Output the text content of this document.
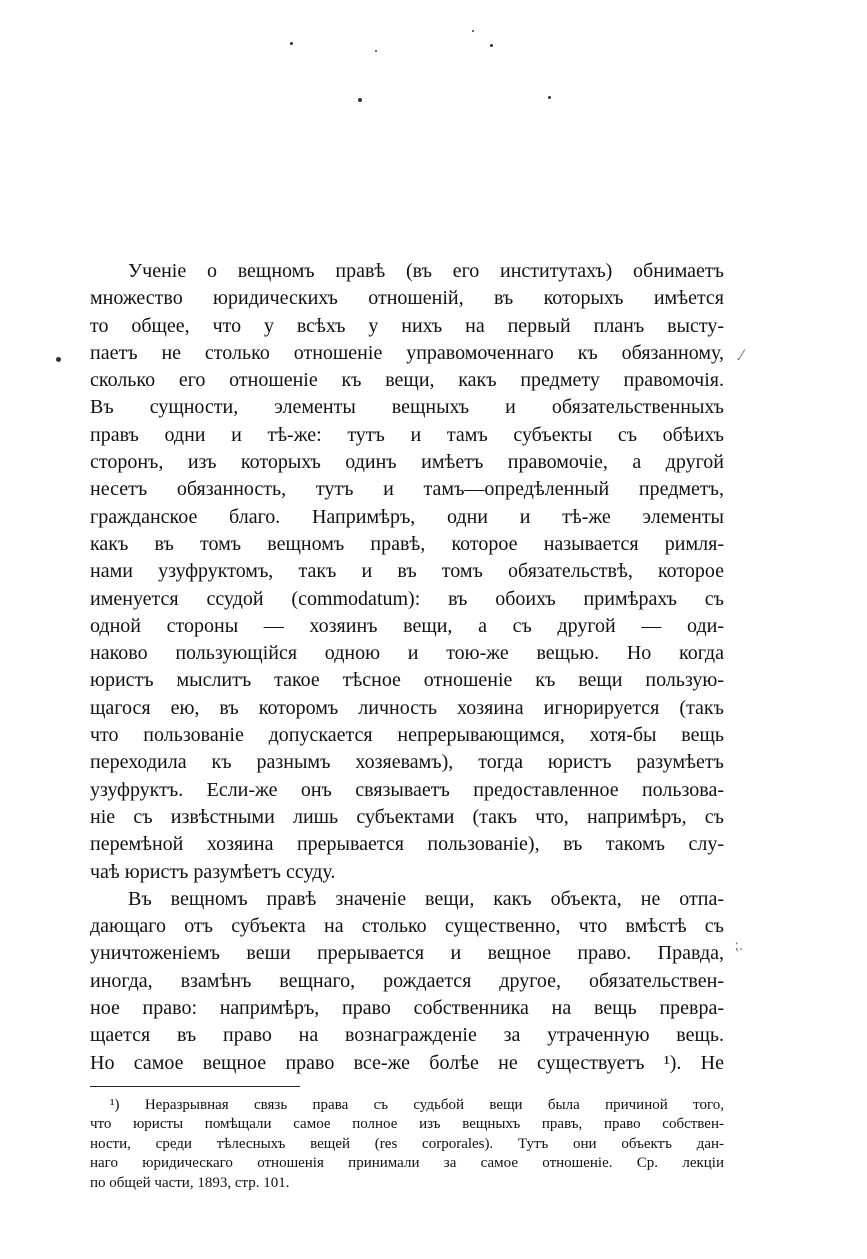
.⁄
⁏.
Ученіе о вещномъ правѣ (въ его институтахъ) обнимаетъ
множество юридическихъ отношеній, въ которыхъ имѣется
то общее, что у всѣхъ у нихъ на первый планъ высту-
паетъ не столько отношеніе управомоченнаго къ обязанному,
сколько его отношеніе къ вещи, какъ предмету правомочія.
Въ сущности, элементы вещныхъ и обязательственныхъ
правъ одни и тѣ-же: тутъ и тамъ субъекты съ обѣихъ
сторонъ, изъ которыхъ одинъ имѣетъ правомочіе, а другой
несетъ обязанность, тутъ и тамъ—опредѣленный предметъ,
гражданское благо. Напримѣръ, одни и тѣ-же элементы
какъ въ томъ вещномъ правѣ, которое называется римля-
нами узуфруктомъ, такъ и въ томъ обязательствѣ, которое
именуется ссудой (commodatum): въ обоихъ примѣрахъ съ
одной стороны — хозяинъ вещи, а съ другой — оди-
наково пользующійся одною и тою-же вещью. Но когда
юристъ мыслитъ такое тѣсное отношеніе къ вещи пользую-
щагося ею, въ которомъ личность хозяина игнорируется (такъ
что пользованіе допускается непрерывающимся, хотя-бы вещь
переходила къ разнымъ хозяевамъ), тогда юристъ разумѣетъ
узуфруктъ. Если-же онъ связываетъ предоставленное пользова-
ніе съ извѣстными лишь субъектами (такъ что, напримѣръ, съ
перемѣной хозяина прерывается пользованіе), въ такомъ слу-
чаѣ юристъ разумѣетъ ссуду.
Въ вещномъ правѣ значеніе вещи, какъ объекта, не отпа-
дающаго отъ субъекта на столько существенно, что вмѣстѣ съ
уничтоженіемъ веши прерывается и вещное право. Правда,
иногда, взамѣнъ вещнаго, рождается другое, обязательствен-
ное право: напримѣръ, право собственника на вещь превра-
щается въ право на вознагражденіе за утраченную вещь.
Но самое вещное право все-же болѣе не существуетъ ¹). Не
¹) Неразрывная связь права съ судьбой вещи была причиной того,
что юристы помѣщали самое полное изъ вещныхъ правъ, право собствен-
ности, среди тѣлесныхъ вещей (res corporales). Тутъ они объектъ дан-
наго юридическаго отношенія принимали за самое отношеніе. Ср. лекціи
по общей части, 1893, стр. 101.
